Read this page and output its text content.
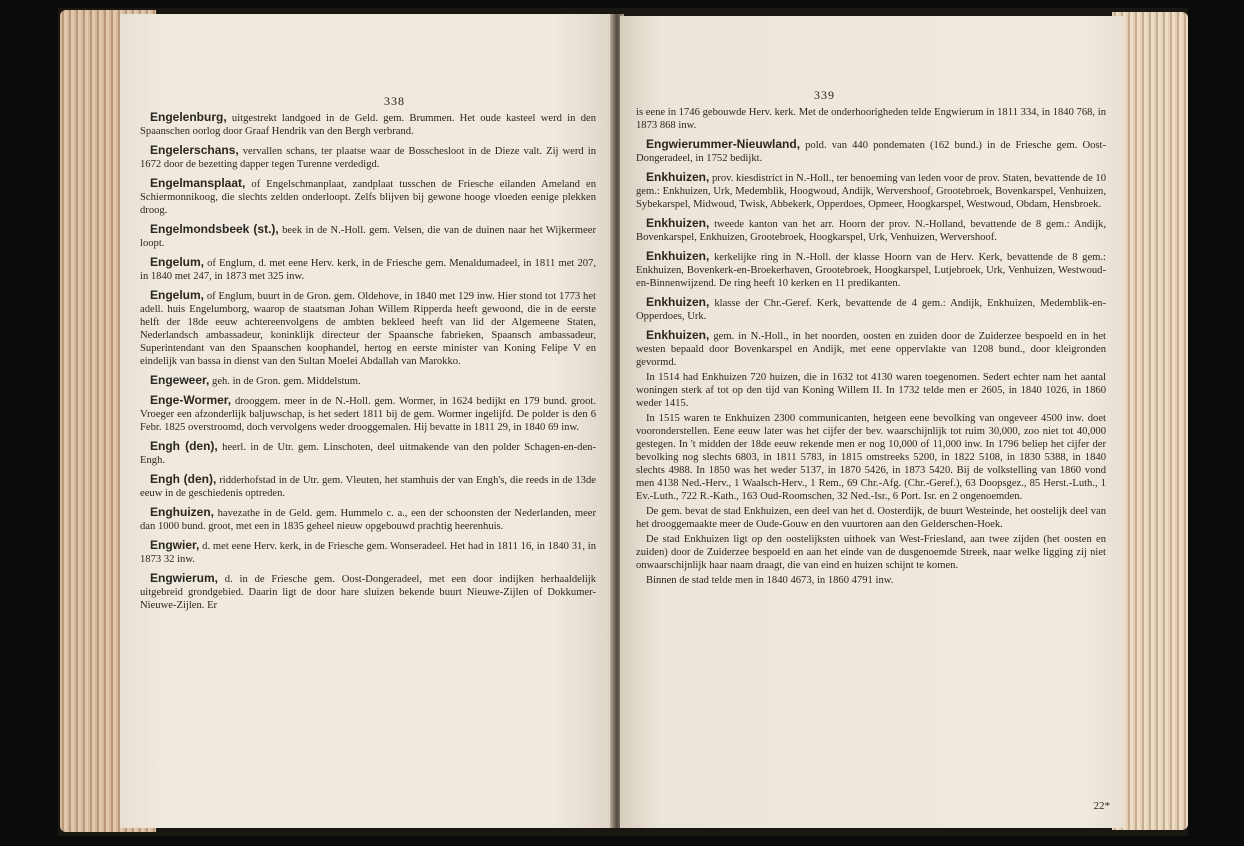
338

Engelenburg, uitgestrekt landgoed in de Geld. gem. Brummen. Het oude kasteel werd in den Spaanschen oorlog door Graaf Hendrik van den Bergh verbrand.

Engelerschans, vervallen schans, ter plaatse waar de Bosschesloot in de Dieze valt. Zij werd in 1672 door de bezetting dapper tegen Turenne verdedigd.

Engelmansplaat, of Engelschmanplaat, zandplaat tusschen de Friesche eilanden Ameland en Schiermonnikoog, die slechts zelden onderloopt. Zelfs blijven bij gewone hooge vloeden eenige plekken droog.

Engelmondsbeek (st.), beek in de N.-Holl. gem. Velsen, die van de duinen naar het Wijkermeer loopt.

Engelum, of Englum, d. met eene Herv. kerk, in de Friesche gem. Menaldumadeel, in 1811 met 207, in 1840 met 247, in 1873 met 325 inw.

Engelum, of Englum, buurt in de Gron. gem. Oldehove, in 1840 met 129 inw. Hier stond tot 1773 het adell. huis Engelumborg, waarop de staatsman Johan Willem Ripperda heeft gewoond, die in de eerste helft der 18de eeuw achtereenvolgens de ambten bekleed heeft van lid der Algemeene Staten, Nederlandsch ambassadeur, koninklijk directeur der Spaansche fabrieken, Spaansch ambassadeur, Superintendant van den Spaanschen koophandel, hertog en eerste minister van Koning Felipe V en eindelijk van bassa in dienst van den Sultan Moelei Abdallah van Marokko.

Engeweer, geh. in de Gron. gem. Middelstum.

Enge-Wormer, drooggem. meer in de N.-Holl. gem. Wormer, in 1624 bedijkt en 179 bund. groot. Vroeger een afzonderlijk baljuwschap, is het sedert 1811 bij de gem. Wormer ingelijfd. De polder is den 6 Febr. 1825 overstroomd, doch vervolgens weder drooggemalen. Hij bevatte in 1811 29, in 1840 69 inw.

Engh (den), heerl. in de Utr. gem. Linschoten, deel uitmakende van den polder Schagen-en-den-Engh.

Engh (den), ridderhofstad in de Utr. gem. Vleuten, het stamhuis der van Engh's, die reeds in de 13de eeuw in de geschiedenis optreden.

Enghuizen, havezathe in de Geld. gem. Hummelo c. a., een der schoonsten der Nederlanden, meer dan 1000 bund. groot, met een in 1835 geheel nieuw opgebouwd prachtig heerenhuis.

Engwier, d. met eene Herv. kerk, in de Friesche gem. Wonseradeel. Het had in 1811 16, in 1840 31, in 1873 32 inw.

Engwierum, d. in de Friesche gem. Oost-Dongeradeel, met een door indijken herhaaldelijk uitgebreid grondgebied. Daarin ligt de door hare sluizen bekende buurt Nieuwe-Zijlen of Dokkumer-Nieuwe-Zijlen. Er

339

is eene in 1746 gebouwde Herv. kerk. Met de onderhoorigheden telde Engwierum in 1811 334, in 1840 768, in 1873 868 inw.

Engwierummer-Nieuwland, pold. van 440 pondematen (162 bund.) in de Friesche gem. Oost-Dongeradeel, in 1752 bedijkt.

Enkhuizen, prov. kiesdistrict in N.-Holl., ter benoeming van leden voor de prov. Staten, bevattende de 10 gem.: Enkhuizen, Urk, Medemblik, Hoogwoud, Andijk, Wervershoof, Grootebroek, Bovenkarspel, Venhuizen, Sybekarspel, Midwoud, Twisk, Abbekerk, Opperdoes, Opmeer, Hoogkarspel, Westwoud, Obdam, Hensbroek.

Enkhuizen, tweede kanton van het arr. Hoorn der prov. N.-Holland, bevattende de 8 gem.: Andijk, Bovenkarspel, Enkhuizen, Grootebroek, Hoogkarspel, Urk, Venhuizen, Wervershoof.

Enkhuizen, kerkelijke ring in N.-Holl. der klasse Hoorn van de Herv. Kerk, bevattende de 8 gem.: Enkhuizen, Bovenkerk-en-Broekerhaven, Grootebroek, Hoogkarspel, Lutjebroek, Urk, Venhuizen, Westwoud-en-Binnenwijzend. De ring heeft 10 kerken en 11 predikanten.

Enkhuizen, klasse der Chr.-Geref. Kerk, bevattende de 4 gem.: Andijk, Enkhuizen, Medemblik-en-Opperdoes, Urk.

Enkhuizen, gem. in N.-Holl., in het noorden, oosten en zuiden door de Zuiderzee bespoeld en in het westen bepaald door Bovenkarspel en Andijk, met eene oppervlakte van 1208 bund., door kleigronden gevormd.

In 1514 had Enkhuizen 720 huizen, die in 1632 tot 4130 waren toegenomen. Sedert echter nam het aantal woningen sterk af tot op den tijd van Koning Willem II. In 1732 telde men er 2605, in 1840 1026, in 1860 weder 1415.

In 1515 waren te Enkhuizen 2300 communicanten, hetgeen eene bevolking van ongeveer 4500 inw. doet vooronderstellen. Eene eeuw later was het cijfer der bev. waarschijnlijk tot ruim 30,000, zoo niet tot 40,000 gestegen. In 't midden der 18de eeuw rekende men er nog 10,000 of 11,000 inw. In 1796 beliep het cijfer der bevolking nog slechts 6803, in 1811 5783, in 1815 omstreeks 5200, in 1822 5108, in 1830 5388, in 1840 slechts 4988. In 1850 was het weder 5137, in 1870 5426, in 1873 5420. Bij de volkstelling van 1860 vond men 4138 Ned.-Herv., 1 Waalsch-Herv., 1 Rem., 69 Chr.-Afg. (Chr.-Geref.), 63 Doopsgez., 85 Herst.-Luth., 1 Ev.-Luth., 722 R.-Kath., 163 Oud-Roomschen, 32 Ned.-Isr., 6 Port. Isr. en 2 ongenoemden.

De gem. bevat de stad Enkhuizen, een deel van het d. Oosterdijk, de buurt Westeinde, het oostelijk deel van het drooggemaakte meer de Oude-Gouw en den vuurtoren aan den Gelderschen-Hoek.

De stad Enkhuizen ligt op den oostelijksten uithoek van West-Friesland, aan twee zijden (het oosten en zuiden) door de Zuiderzee bespoeld en aan het einde van de dusgenoemde Streek, naar welke ligging zij niet onwaarschijnlijk haar naam draagt, die van eind en huizen schijnt te komen.

Binnen de stad telde men in 1840 4673, in 1860 4791 inw.

22*
